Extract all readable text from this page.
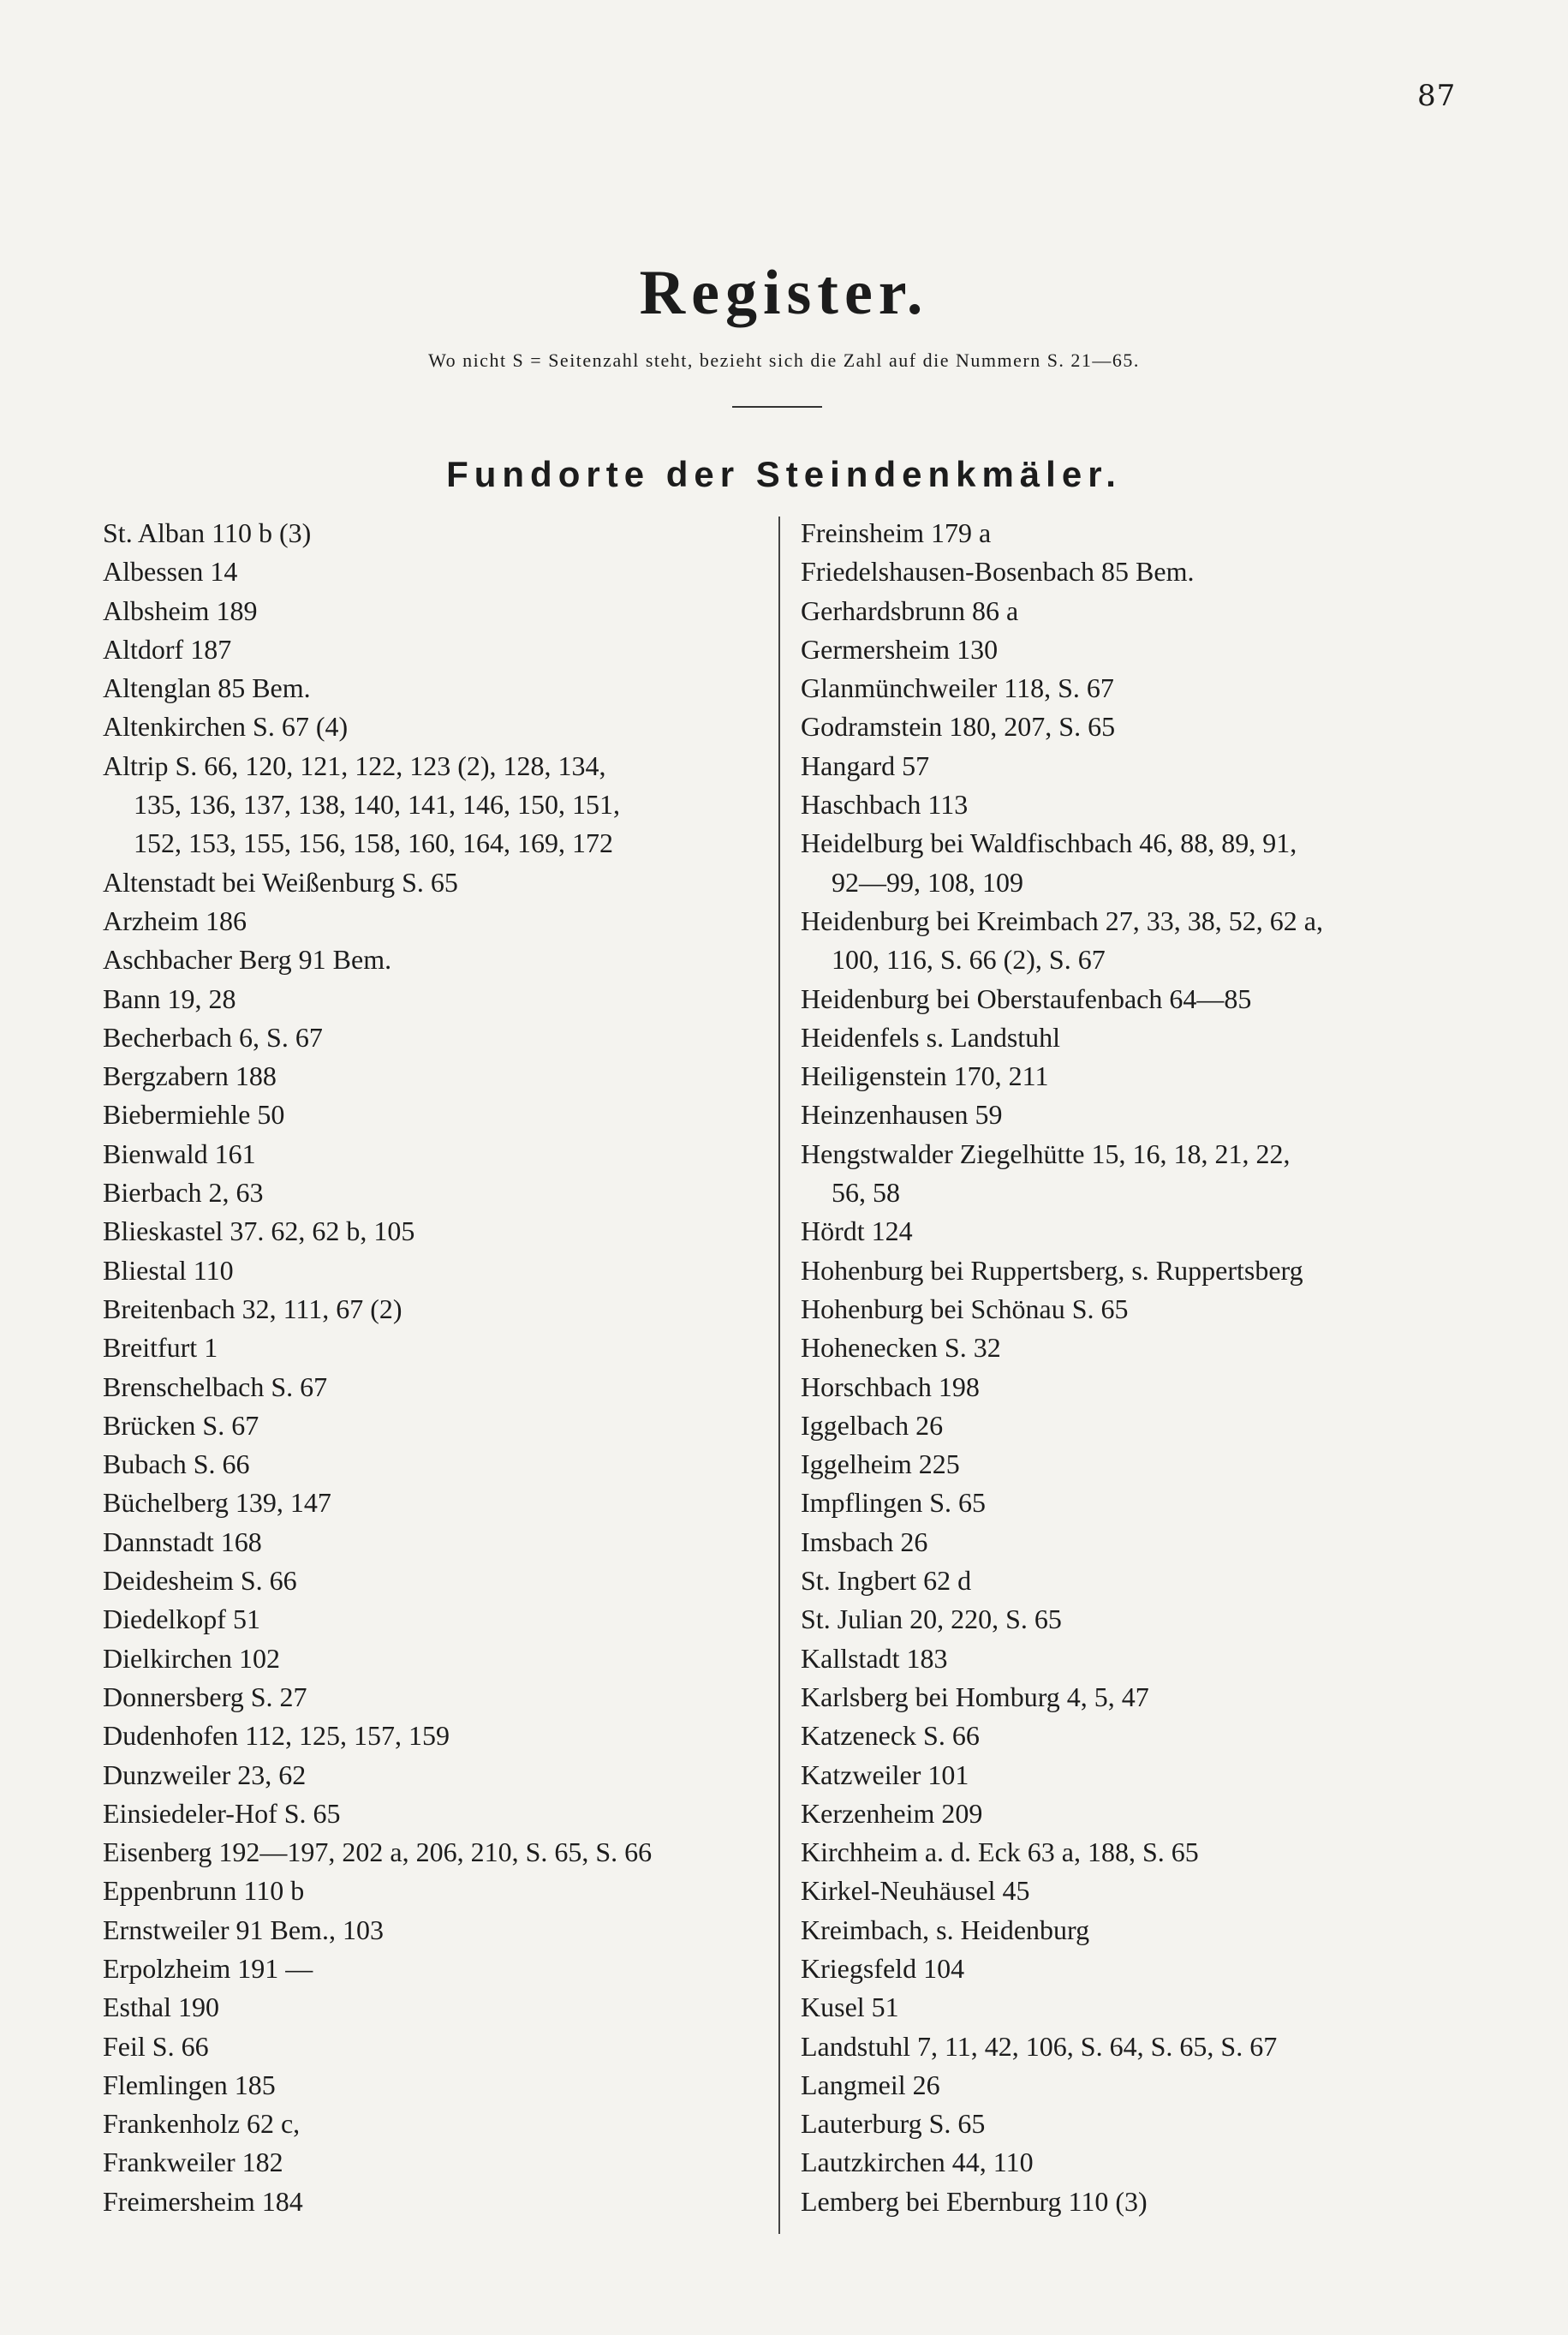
87
Register.
Wo nicht S = Seitenzahl steht, bezieht sich die Zahl auf die Nummern S. 21—65.
Fundorte der Steindenkmäler.
St. Alban 110 b (3)
Albessen 14
Albsheim 189
Altdorf 187
Altenglan 85 Bem.
Altenkirchen S. 67 (4)
Altrip S. 66, 120, 121, 122, 123 (2), 128, 134,
135, 136, 137, 138, 140, 141, 146, 150, 151,
152, 153, 155, 156, 158, 160, 164, 169, 172
Altenstadt bei Weißenburg S. 65
Arzheim 186
Aschbacher Berg 91 Bem.
Bann 19, 28
Becherbach 6, S. 67
Bergzabern 188
Biebermiehle 50
Bienwald 161
Bierbach 2, 63
Blieskastel 37. 62, 62 b, 105
Bliestal 110
Breitenbach 32, 111, 67 (2)
Breitfurt 1
Brenschelbach S. 67
Brücken S. 67
Bubach S. 66
Büchelberg 139, 147
Dannstadt 168
Deidesheim S. 66
Diedelkopf 51
Dielkirchen 102
Donnersberg S. 27
Dudenhofen 112, 125, 157, 159
Dunzweiler 23, 62
Einsiedeler-Hof S. 65
Eisenberg 192—197, 202 a, 206, 210, S. 65, S. 66
Eppenbrunn 110 b
Ernstweiler 91 Bem., 103
Erpolzheim 191 —
Esthal 190
Feil S. 66
Flemlingen 185
Frankenholz 62 c,
Frankweiler 182
Freimersheim 184
Freinsheim 179 a
Friedelshausen-Bosenbach 85 Bem.
Gerhardsbrunn 86 a
Germersheim 130
Glanmünchweiler 118, S. 67
Godramstein 180, 207, S. 65
Hangard 57
Haschbach 113
Heidelburg bei Waldfischbach 46, 88, 89, 91,
92—99, 108, 109
Heidenburg bei Kreimbach 27, 33, 38, 52, 62 a,
100, 116, S. 66 (2), S. 67
Heidenburg bei Oberstaufenbach 64—85
Heidenfels s. Landstuhl
Heiligenstein 170, 211
Heinzenhausen 59
Hengstwalder Ziegelhütte 15, 16, 18, 21, 22,
56, 58
Hördt 124
Hohenburg bei Ruppertsberg, s. Ruppertsberg
Hohenburg bei Schönau S. 65
Hohenecken S. 32
Horschbach 198
Iggelbach 26
Iggelheim 225
Impflingen S. 65
Imsbach 26
St. Ingbert 62 d
St. Julian 20, 220, S. 65
Kallstadt 183
Karlsberg bei Homburg 4, 5, 47
Katzeneck S. 66
Katzweiler 101
Kerzenheim 209
Kirchheim a. d. Eck 63 a, 188, S. 65
Kirkel-Neuhäusel 45
Kreimbach, s. Heidenburg
Kriegsfeld 104
Kusel 51
Landstuhl 7, 11, 42, 106, S. 64, S. 65, S. 67
Langmeil 26
Lauterburg S. 65
Lautzkirchen 44, 110
Lemberg bei Ebernburg 110 (3)
